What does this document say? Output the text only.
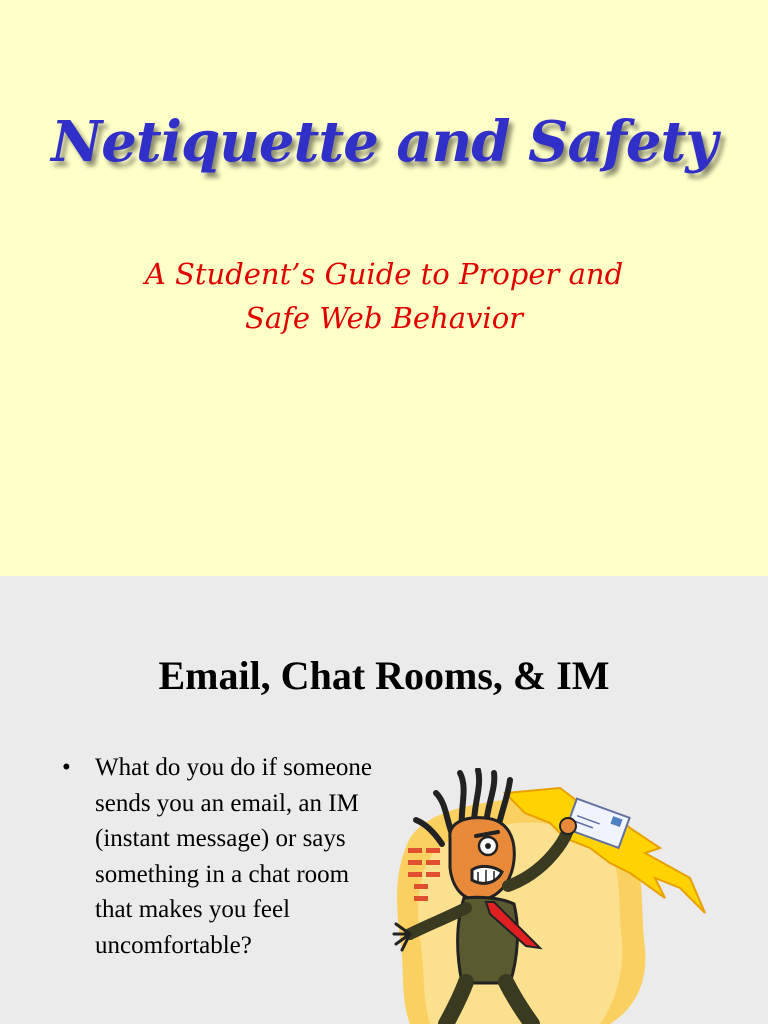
Netiquette and Safety
A Student’s Guide to Proper and
Safe Web Behavior
Email, Chat Rooms, & IM
• What do you do if someone sends you an email, an IM (instant message) or says something in a chat room that makes you feel uncomfortable?
